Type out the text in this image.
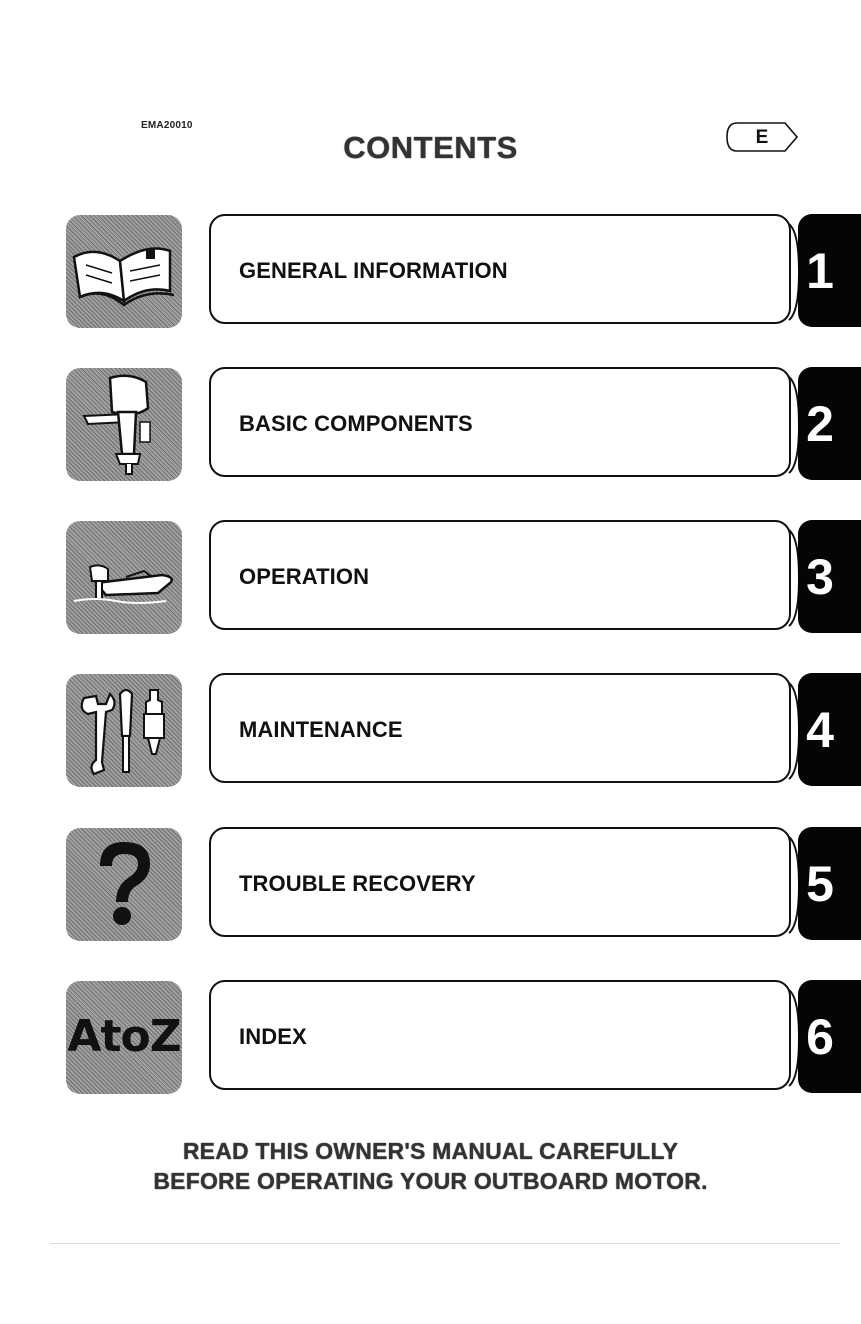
EMA20010
CONTENTS	E
GENERAL INFORMATION	1
BASIC COMPONENTS	2
OPERATION	3
MAINTENANCE	4
TROUBLE RECOVERY	5
AtoZ	INDEX	6
READ THIS OWNER'S MANUAL CAREFULLY
BEFORE OPERATING YOUR OUTBOARD MOTOR.
